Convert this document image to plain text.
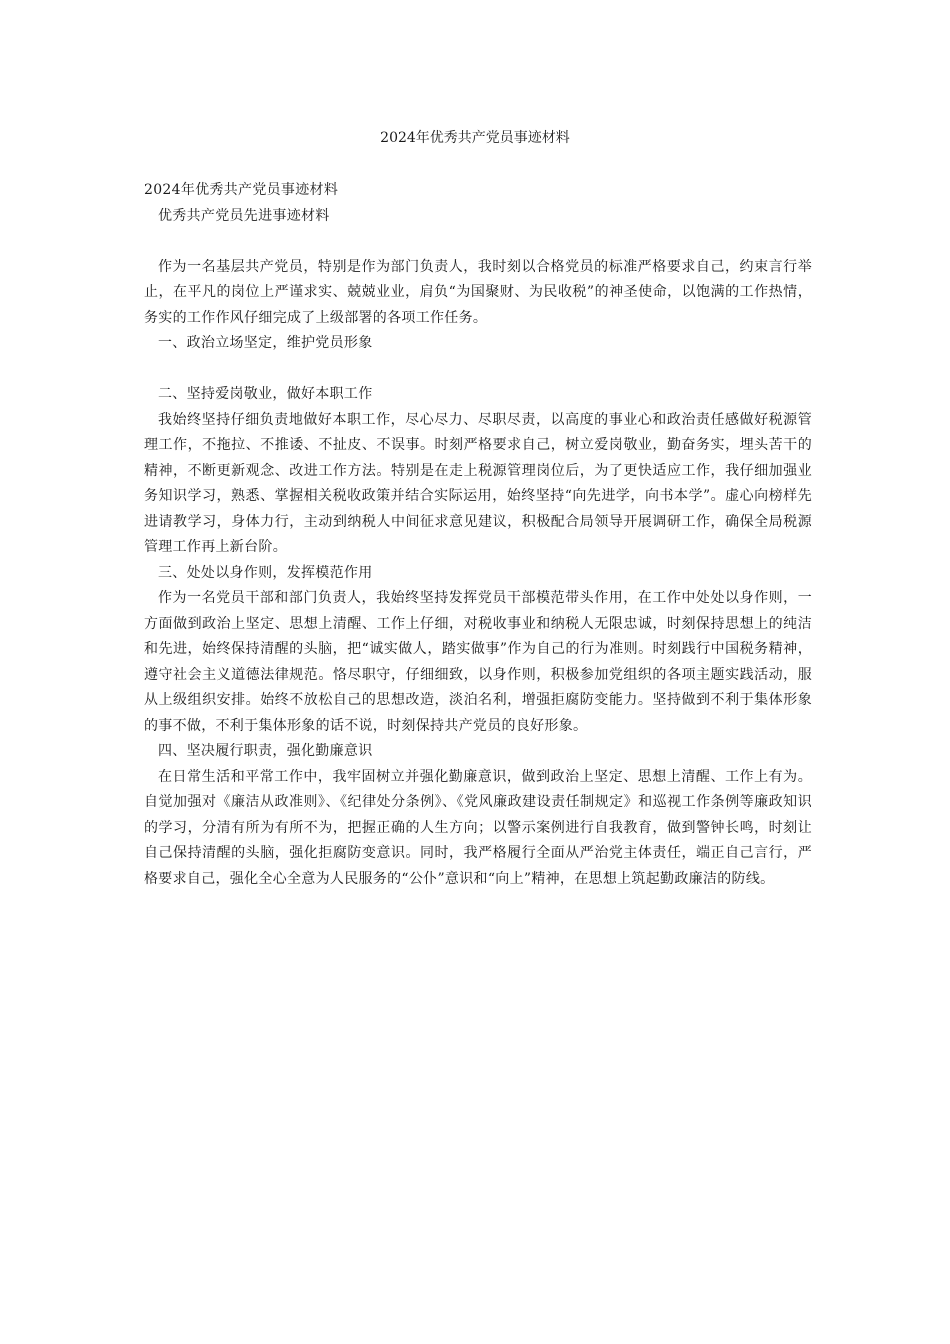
2024年优秀共产党员事迹材料

2024年优秀共产党员事迹材料

优秀共产党员先进事迹材料

作为一名基层共产党员，特别是作为部门负责人，我时刻以合格党员的标准严格要求自己，约束言行举止，在平凡的岗位上严谨求实、兢兢业业，肩负“为国聚财、为民收税”的神圣使命，以饱满的工作热情，务实的工作作风仔细完成了上级部署的各项工作任务。

一、政治立场坚定，维护党员形象

二、坚持爱岗敬业，做好本职工作

我始终坚持仔细负责地做好本职工作，尽心尽力、尽职尽责，以高度的事业心和政治责任感做好税源管理工作，不拖拉、不推诿、不扯皮、不误事。时刻严格要求自己，树立爱岗敬业，勤奋务实，埋头苦干的精神，不断更新观念、改进工作方法。特别是在走上税源管理岗位后，为了更快适应工作，我仔细加强业务知识学习，熟悉、掌握相关税收政策并结合实际运用，始终坚持“向先进学，向书本学”。虚心向榜样先进请教学习，身体力行，主动到纳税人中间征求意见建议，积极配合局领导开展调研工作，确保全局税源管理工作再上新台阶。

三、处处以身作则，发挥模范作用

作为一名党员干部和部门负责人，我始终坚持发挥党员干部模范带头作用，在工作中处处以身作则，一方面做到政治上坚定、思想上清醒、工作上仔细，对税收事业和纳税人无限忠诚，时刻保持思想上的纯洁和先进，始终保持清醒的头脑，把“诚实做人，踏实做事”作为自己的行为准则。时刻践行中国税务精神，遵守社会主义道德法律规范。恪尽职守，仔细细致，以身作则，积极参加党组织的各项主题实践活动，服从上级组织安排。始终不放松自己的思想改造，淡泊名利，增强拒腐防变能力。坚持做到不利于集体形象的事不做，不利于集体形象的话不说，时刻保持共产党员的良好形象。

四、坚决履行职责，强化勤廉意识

在日常生活和平常工作中，我牢固树立并强化勤廉意识，做到政治上坚定、思想上清醒、工作上有为。自觉加强对《廉洁从政准则》、《纪律处分条例》、《党风廉政建设责任制规定》和巡视工作条例等廉政知识的学习，分清有所为有所不为，把握正确的人生方向；以警示案例进行自我教育，做到警钟长鸣，时刻让自己保持清醒的头脑，强化拒腐防变意识。同时，我严格履行全面从严治党主体责任，端正自己言行，严格要求自己，强化全心全意为人民服务的“公仆”意识和“向上”精神，在思想上筑起勤政廉洁的防线。
